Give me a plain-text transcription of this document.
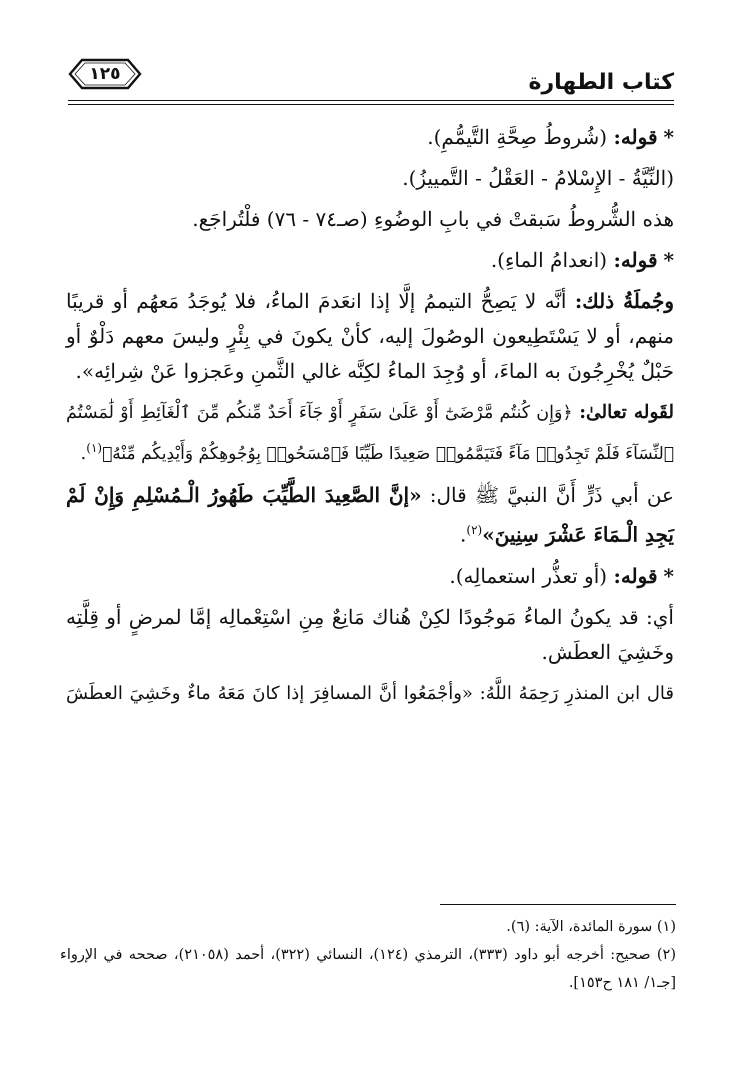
كتاب الطهارة
١٢٥

*قوله: (شُروطُ صِحَّةِ التَّيمُّمِ).

(النِّيَّةُ - الإِسْلامُ - العَقْلُ - التَّمييزُ).

هذه الشُّروطُ سَبقتْ في بابِ الوضُوءِ (صـ٧٤ - ٧٦) فلْتُراجَع.

*قوله: (انعدامُ الماءِ).

وجُملَةُ ذلك: أنَّه لا يَصِحُّ التيممُ إلَّا إذا انعَدمَ الماءُ، فلا يُوجَدُ مَعهُم أو قريبًا

منهم، أو لا يَسْتَطِيعون الوصُولَ إليه، كأنْ يكونَ في بِئْرٍ وليسَ معهم دَلْوٌ أو

حَبْلٌ يُخْرِجُونَ به الماءَ، أو وُجِدَ الماءُ لكِنَّه غالي الثَّمنِ وعَجزوا عَنْ شِرائِه».

لقَوله تعالىٰ: ﴿وَإِن كُنتُم مَّرْضَىٰٓ أَوْ عَلَىٰ سَفَرٍ أَوْ جَآءَ أَحَدٌ مِّنكُم مِّنَ ٱلْغَآئِطِ أَوْ لَٰمَسْتُمُ

ٱلنِّسَآءَ فَلَمْ تَجِدُوا۟ مَآءً فَتَيَمَّمُوا۟ صَعِيدًا طَيِّبًا فَٱمْسَحُوا۟ بِوُجُوهِكُمْ وَأَيْدِيكُم مِّنْهُ﴾$^{(١)}$.

عن أبي ذَرٍّ أَنَّ النبيَّ ﷺ قال: «إنَّ الصَّعِيدَ الطَّيِّبَ طَهُورُ الْـمُسْلِمِ وَإِنْ لَمْ

يَجِدِ الْـمَاءَ عَشْرَ سِنِينَ»$^{(٢)}$.

*قوله: (أو تعذُّر استعمالِه).

أي: قد يكونُ الماءُ مَوجُودًا لكِنْ هُناك مَانِعٌ مِنِ اسْتِعْمالِه إمَّا لمرضٍ أو قِلَّتِه

وخَشِيَ العطَش.

قال ابن المنذرِ رَحِمَهُ اللَّهُ: «وأجْمَعُوا أنَّ المسافِرَ إذا كانَ مَعَهُ ماءٌ وخَشِيَ العطَشَ

(١) سورة المائدة، الآية: (٦).

(٢) صحيح: أخرجه أبو داود (٣٣٣)، الترمذي (١٢٤)، النسائي (٣٢٢)، أحمد (٢١٠٥٨)، صححه في الإرواء

[جـ١/ ١٨١ ح١٥٣].
